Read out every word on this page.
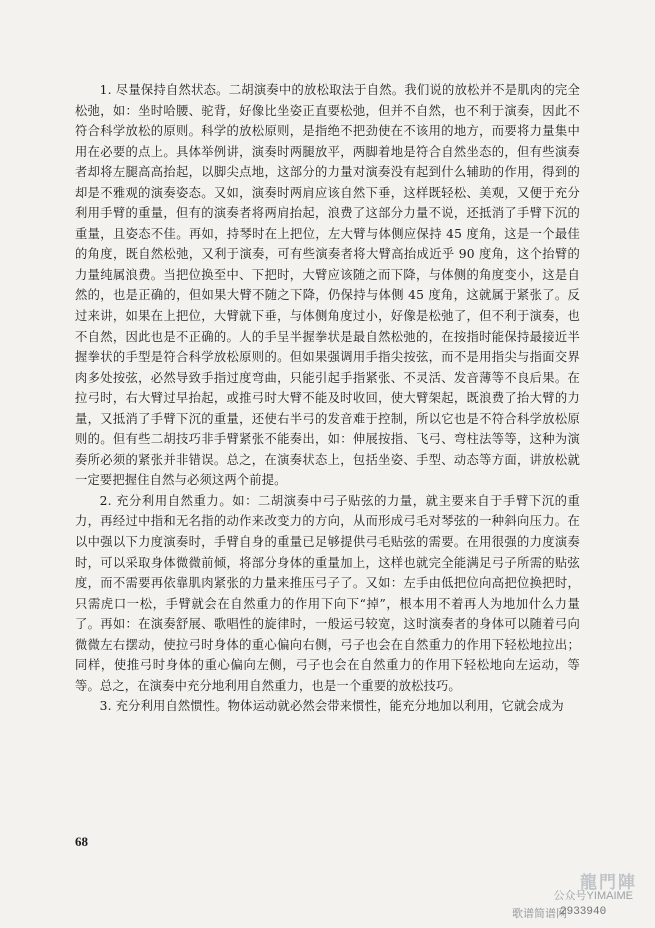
1. 尽量保持自然状态。二胡演奏中的放松取法于自然。我们说的放松并不是肌肉的完全松弛，如：坐时哈腰、驼背，好像比坐姿正直要松弛，但并不自然，也不利于演奏，因此不符合科学放松的原则。科学的放松原则，是指绝不把劲使在不该用的地方，而要将力量集中用在必要的点上。具体举例讲，演奏时两腿放平，两脚着地是符合自然坐态的，但有些演奏者却将左腿高高抬起，以脚尖点地，这部分的力量对演奏没有起到什么辅助的作用，得到的却是不雅观的演奏姿态。又如，演奏时两肩应该自然下垂，这样既轻松、美观，又便于充分利用手臂的重量，但有的演奏者将两肩抬起，浪费了这部分力量不说，还抵消了手臂下沉的重量，且姿态不佳。再如，持琴时在上把位，左大臂与体侧应保持 45 度角，这是一个最佳的角度，既自然松弛，又利于演奏，可有些演奏者将大臂高抬成近乎 90 度角，这个抬臂的力量纯属浪费。当把位换至中、下把时，大臂应该随之而下降，与体侧的角度变小，这是自然的，也是正确的，但如果大臂不随之下降，仍保持与体侧 45 度角，这就属于紧张了。反过来讲，如果在上把位，大臂就下垂，与体侧角度过小，好像是松弛了，但不利于演奏，也不自然，因此也是不正确的。人的手呈半握拳状是最自然松弛的，在按指时能保持最接近半握拳状的手型是符合科学放松原则的。但如果强调用手指尖按弦，而不是用指尖与指面交界肉多处按弦，必然导致手指过度弯曲，只能引起手指紧张、不灵活、发音薄等不良后果。在拉弓时，右大臂过早抬起，或推弓时大臂不能及时收回，使大臂架起，既浪费了抬大臂的力量，又抵消了手臂下沉的重量，还使右半弓的发音难于控制，所以它也是不符合科学放松原则的。但有些二胡技巧非手臂紧张不能奏出，如：伸展按指、飞弓、弯柱法等等，这种为演奏所必须的紧张并非错误。总之，在演奏状态上，包括坐姿、手型、动态等方面，讲放松就一定要把握住自然与必须这两个前提。

2. 充分利用自然重力。如：二胡演奏中弓子贴弦的力量，就主要来自于手臂下沉的重力，再经过中指和无名指的动作来改变力的方向，从而形成弓毛对琴弦的一种斜向压力。在以中强以下力度演奏时，手臂自身的重量已足够提供弓毛贴弦的需要。在用很强的力度演奏时，可以采取身体微微前倾，将部分身体的重量加上，这样也就完全能满足弓子所需的贴弦度，而不需要再依靠肌肉紧张的力量来推压弓子了。又如：左手由低把位向高把位换把时，只需虎口一松，手臂就会在自然重力的作用下向下“掉”，根本用不着再人为地加什么力量了。再如：在演奏舒展、歌唱性的旋律时，一般运弓较宽，这时演奏者的身体可以随着弓向微微左右摆动，使拉弓时身体的重心偏向右侧，弓子也会在自然重力的作用下轻松地拉出；同样，使推弓时身体的重心偏向左侧，弓子也会在自然重力的作用下轻松地向左运动，等等。总之，在演奏中充分地利用自然重力，也是一个重要的放松技巧。

3. 充分利用自然惯性。物体运动就必然会带来惯性，能充分地加以利用，它就会成为

68
龍門陣
公众号YIMAIME
歌谱简谱网
2933940
